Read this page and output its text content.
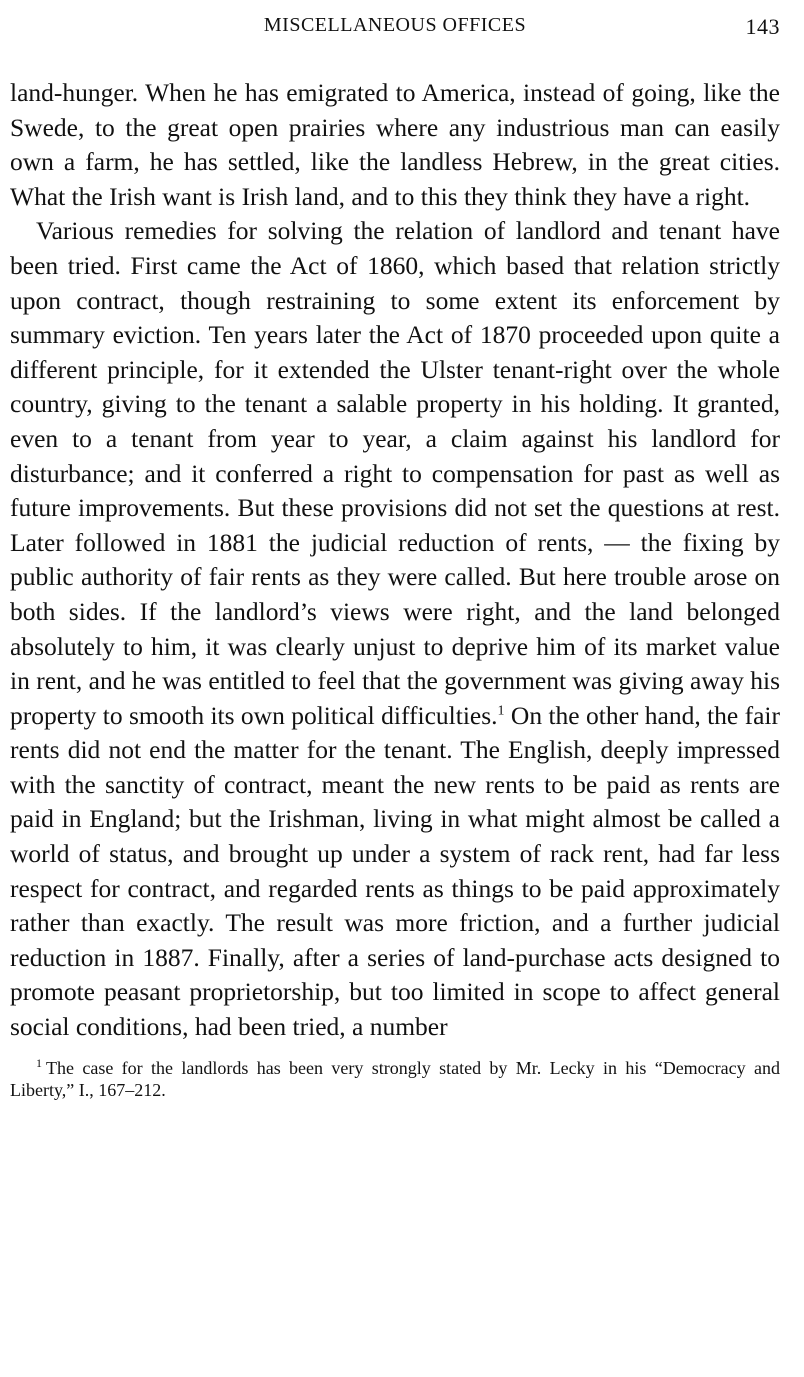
MISCELLANEOUS OFFICES	143

land-hunger. When he has emigrated to America, instead of going, like the Swede, to the great open prairies where any industrious man can easily own a farm, he has settled, like the landless Hebrew, in the great cities. What the Irish want is Irish land, and to this they think they have a right.

Various remedies for solving the relation of landlord and tenant have been tried. First came the Act of 1860, which based that relation strictly upon contract, though restraining to some extent its enforcement by summary eviction. Ten years later the Act of 1870 proceeded upon quite a different principle, for it extended the Ulster tenant-right over the whole country, giving to the tenant a salable property in his holding. It granted, even to a tenant from year to year, a claim against his landlord for disturbance; and it conferred a right to compensation for past as well as future improvements. But these provisions did not set the questions at rest. Later followed in 1881 the judicial reduction of rents, — the fixing by public authority of fair rents as they were called. But here trouble arose on both sides. If the landlord’s views were right, and the land belonged absolutely to him, it was clearly unjust to deprive him of its market value in rent, and he was entitled to feel that the government was giving away his property to smooth its own political difficulties.$^1$ On the other hand, the fair rents did not end the matter for the tenant. The English, deeply impressed with the sanctity of contract, meant the new rents to be paid as rents are paid in England; but the Irishman, living in what might almost be called a world of status, and brought up under a system of rack rent, had far less respect for contract, and regarded rents as things to be paid approximately rather than exactly. The result was more friction, and a further judicial reduction in 1887. Finally, after a series of land-purchase acts designed to promote peasant proprietorship, but too limited in scope to affect general social conditions, had been tried, a number

$^1$ The case for the landlords has been very strongly stated by Mr. Lecky in his “Democracy and Liberty,” I., 167–212.
